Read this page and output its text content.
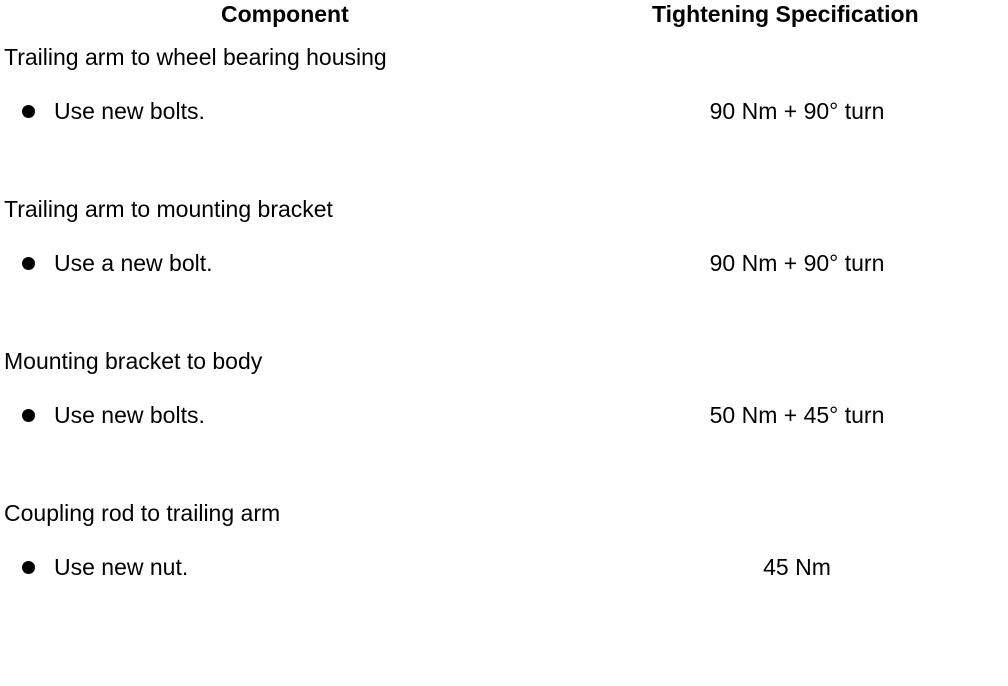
Component	Tightening Specification
Trailing arm to wheel bearing housing
Use new bolts.	90 Nm + 90° turn
Trailing arm to mounting bracket
Use a new bolt.	90 Nm + 90° turn
Mounting bracket to body
Use new bolts.	50 Nm + 45° turn
Coupling rod to trailing arm
Use new nut.	45 Nm
